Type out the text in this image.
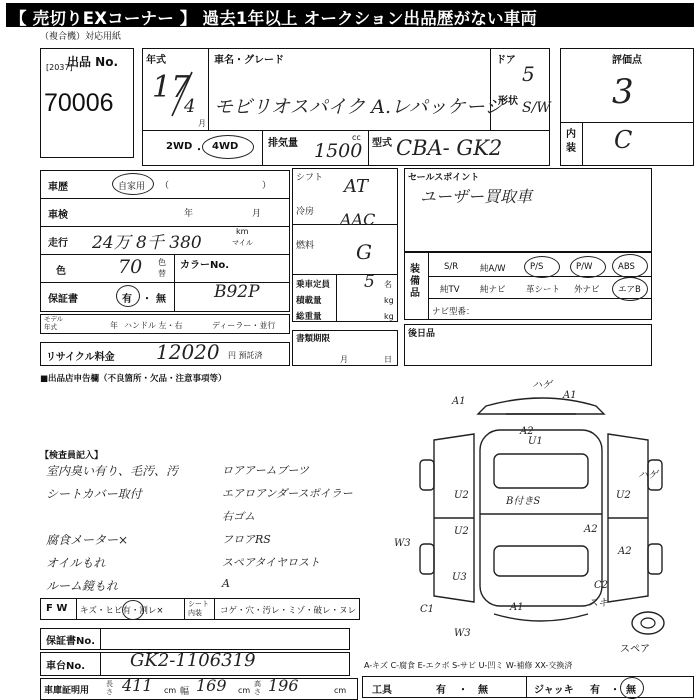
【 売切りEXコーナー 】 過去1年以上 オークション出品歴がない車両
（複合機）対応用紙
出品 No.
[2037]
70006
年式
17
4
月
車名・グレード
モビリオスパイク A.レパッケージ
ドア
5
形状 S/W
2WD ・ 4WD	排気量
cc
1500 型式 CBA- GK2
評価点
3
内装 C
車歴	自家用 （	）
車検	年	月
走行 24万 8千 380
km
マイル
色	70 色替
カラーNo.
B92P
保証書	有 ・ 無
モデル年式	年 ハンドル 左・右	ディーラー・並行
リサイクル料金 12020 円 預託済
■出品店申告欄（不良箇所・欠品・注意事項等）
シフト AT
冷房 AAC
燃料 G
乗車定員 5 名
積載量	kg
総重量	kg
書類期限
月	日
セールスポイント
ユーザー買取車
装備品
S/R	純A/W	P/S	P/W	ABS
純TV 純ナビ 革シート 外ナビ エアB
ナビ型番：
後日品
【検査員記入】
室内臭い有り、毛汚、汚
シートカバー取付
腐食メーター×
オイルもれ
ルーム鏡もれ
ロアアームブーツ
エアロアンダースポイラー
右ゴム
フロアRS
スペアタイヤロスト
A
A1
A1
ハゲ
A2
U1
U2	U2
U2
B付きS
A2
A2
ハゲ
W3
U3
C1
C2
W3
A1	スキ
スペア
F W キズ・ヒビ有・割レ×
シート内装	コゲ・穴・汚レ・ミゾ・破レ・ヌレ
保証書No.
車台No. GK2-1106319
車庫証明用
長さ 411 cm 幅 169 cm
高さ 196	cm
A-キズ C-腐食 E-エクボ S-サビ U-凹ミ W-補修 XX-交換済
工具	有 ・ 無	ジャッキ 有 ・ 無
